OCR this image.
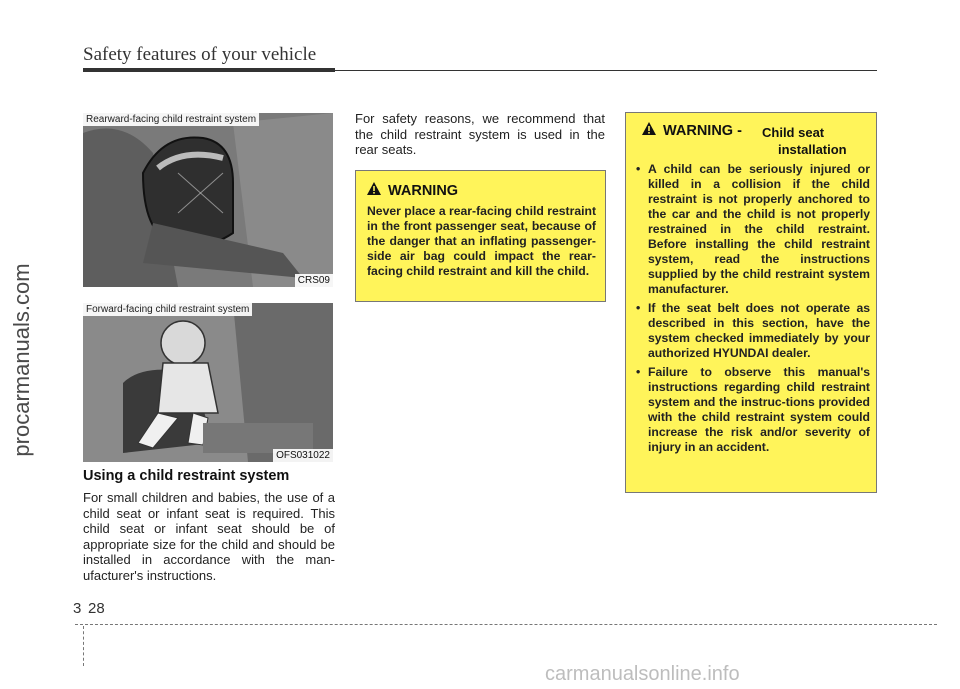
Safety features of your vehicle
procarmanuals.com
Rearward-facing child restraint system
CRS09
Forward-facing child restraint system
OFS031022
Using a child restraint system
For small children and babies, the use of a child seat or infant seat is required. This child seat or infant seat should be of appropriate size for the child and should be installed in accordance with the man-ufacturer's instructions.
For safety reasons, we recommend that the child restraint system is used in the rear seats.
WARNING
Never place a rear-facing child restraint in the front passenger seat, because of the danger that an inflating passenger-side air bag could impact the rear-facing child restraint and kill the child.
WARNING - Child seat
installation
• A child can be seriously injured or killed in a collision if the child restraint is not properly anchored to the car and the child is not properly restrained in the child restraint. Before installing the child restraint system, read the instructions supplied by the child restraint system manufacturer.
• If the seat belt does not operate as described in this section, have the system checked immediately by your authorized HYUNDAI dealer.
• Failure to observe this manual's instructions regarding child restraint system and the instruc-tions provided with the child restraint system could increase the risk and/or severity of injury in an accident.
3 28
carmanualsonline.info
